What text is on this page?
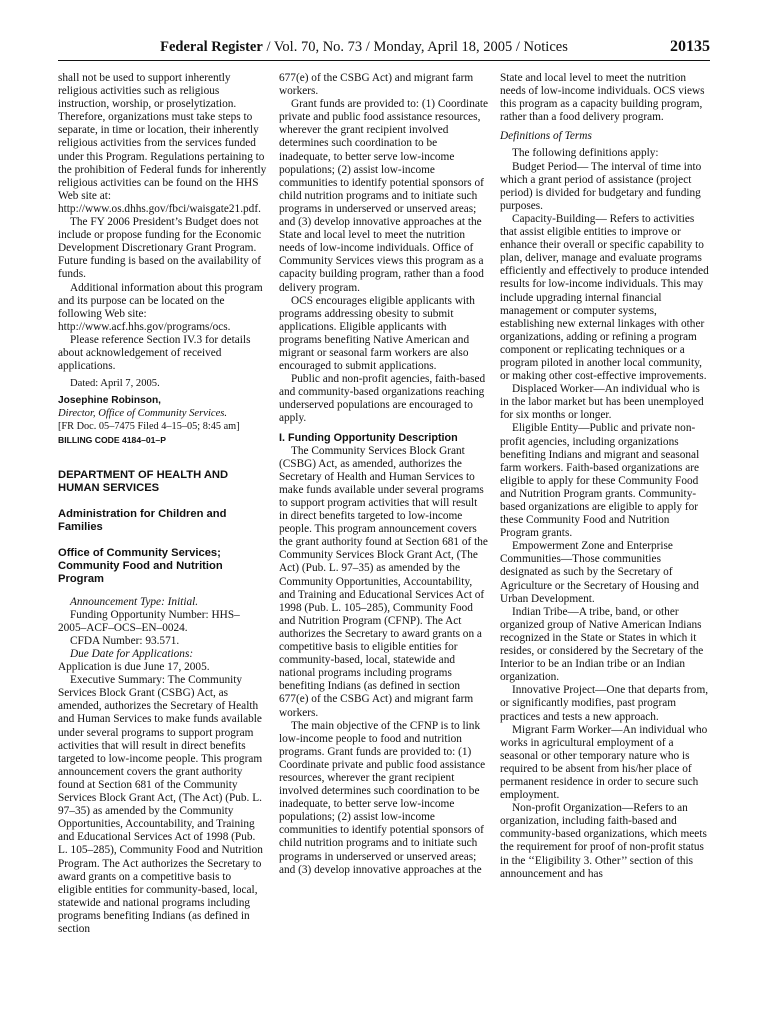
Federal Register / Vol. 70, No. 73 / Monday, April 18, 2005 / Notices	20135

shall not be used to support inherently religious activities such as religious instruction, worship, or proselytization. Therefore, organizations must take steps to separate, in time or location, their inherently religious activities from the services funded under this Program. Regulations pertaining to the prohibition of Federal funds for inherently religious activities can be found on the HHS Web site at: http://www.os.dhhs.gov/fbci/waisgate21.pdf.

The FY 2006 President’s Budget does not include or propose funding for the Economic Development Discretionary Grant Program. Future funding is based on the availability of funds.

Additional information about this program and its purpose can be located on the following Web site: http://www.acf.hhs.gov/programs/ocs.

Please reference Section IV.3 for details about acknowledgement of received applications.

Dated: April 7, 2005.

Josephine Robinson,

Director, Office of Community Services.

[FR Doc. 05–7475 Filed 4–15–05; 8:45 am]

BILLING CODE 4184–01–P

DEPARTMENT OF HEALTH AND HUMAN SERVICES

Administration for Children and Families

Office of Community Services; Community Food and Nutrition Program

Announcement Type: Initial.

Funding Opportunity Number: HHS–2005–ACF–OCS–EN–0024.

CFDA Number: 93.571.

Due Date for Applications:

Application is due June 17, 2005.

Executive Summary: The Community Services Block Grant (CSBG) Act, as amended, authorizes the Secretary of Health and Human Services to make funds available under several programs to support program activities that will result in direct benefits targeted to low-income people. This program announcement covers the grant authority found at Section 681 of the Community Services Block Grant Act, (The Act) (Pub. L. 97–35) as amended by the Community Opportunities, Accountability, and Training and Educational Services Act of 1998 (Pub. L. 105–285), Community Food and Nutrition Program. The Act authorizes the Secretary to award grants on a competitive basis to eligible entities for community-based, local, statewide and national programs including programs benefiting Indians (as defined in section

677(e) of the CSBG Act) and migrant farm workers.

Grant funds are provided to: (1) Coordinate private and public food assistance resources, wherever the grant recipient involved determines such coordination to be inadequate, to better serve low-income populations; (2) assist low-income communities to identify potential sponsors of child nutrition programs and to initiate such programs in underserved or unserved areas; and (3) develop innovative approaches at the State and local level to meet the nutrition needs of low-income individuals. Office of Community Services views this program as a capacity building program, rather than a food delivery program.

OCS encourages eligible applicants with programs addressing obesity to submit applications. Eligible applicants with programs benefiting Native American and migrant or seasonal farm workers are also encouraged to submit applications.

Public and non-profit agencies, faith-based and community-based organizations reaching underserved populations are encouraged to apply.

I. Funding Opportunity Description

The Community Services Block Grant (CSBG) Act, as amended, authorizes the Secretary of Health and Human Services to make funds available under several programs to support program activities that will result in direct benefits targeted to low-income people. This program announcement covers the grant authority found at Section 681 of the Community Services Block Grant Act, (The Act) (Pub. L. 97–35) as amended by the Community Opportunities, Accountability, and Training and Educational Services Act of 1998 (Pub. L. 105–285), Community Food and Nutrition Program (CFNP). The Act authorizes the Secretary to award grants on a competitive basis to eligible entities for community-based, local, statewide and national programs including programs benefiting Indians (as defined in section 677(e) of the CSBG Act) and migrant farm workers.

The main objective of the CFNP is to link low-income people to food and nutrition programs. Grant funds are provided to: (1) Coordinate private and public food assistance resources, wherever the grant recipient involved determines such coordination to be inadequate, to better serve low-income populations; (2) assist low-income communities to identify potential sponsors of child nutrition programs and to initiate such programs in underserved or unserved areas; and (3) develop innovative approaches at the

State and local level to meet the nutrition needs of low-income individuals. OCS views this program as a capacity building program, rather than a food delivery program.

Definitions of Terms

The following definitions apply:

Budget Period— The interval of time into which a grant period of assistance (project period) is divided for budgetary and funding purposes.

Capacity-Building— Refers to activities that assist eligible entities to improve or enhance their overall or specific capability to plan, deliver, manage and evaluate programs efficiently and effectively to produce intended results for low-income individuals. This may include upgrading internal financial management or computer systems, establishing new external linkages with other organizations, adding or refining a program component or replicating techniques or a program piloted in another local community, or making other cost-effective improvements.

Displaced Worker—An individual who is in the labor market but has been unemployed for six months or longer.

Eligible Entity—Public and private non-profit agencies, including organizations benefiting Indians and migrant and seasonal farm workers. Faith-based organizations are eligible to apply for these Community Food and Nutrition Program grants. Community-based organizations are eligible to apply for these Community Food and Nutrition Program grants.

Empowerment Zone and Enterprise Communities—Those communities designated as such by the Secretary of Agriculture or the Secretary of Housing and Urban Development.

Indian Tribe—A tribe, band, or other organized group of Native American Indians recognized in the State or States in which it resides, or considered by the Secretary of the Interior to be an Indian tribe or an Indian organization.

Innovative Project—One that departs from, or significantly modifies, past program practices and tests a new approach.

Migrant Farm Worker—An individual who works in agricultural employment of a seasonal or other temporary nature who is required to be absent from his/her place of permanent residence in order to secure such employment.

Non-profit Organization—Refers to an organization, including faith-based and community-based organizations, which meets the requirement for proof of non-profit status in the ‘‘Eligibility 3. Other’’ section of this announcement and has
